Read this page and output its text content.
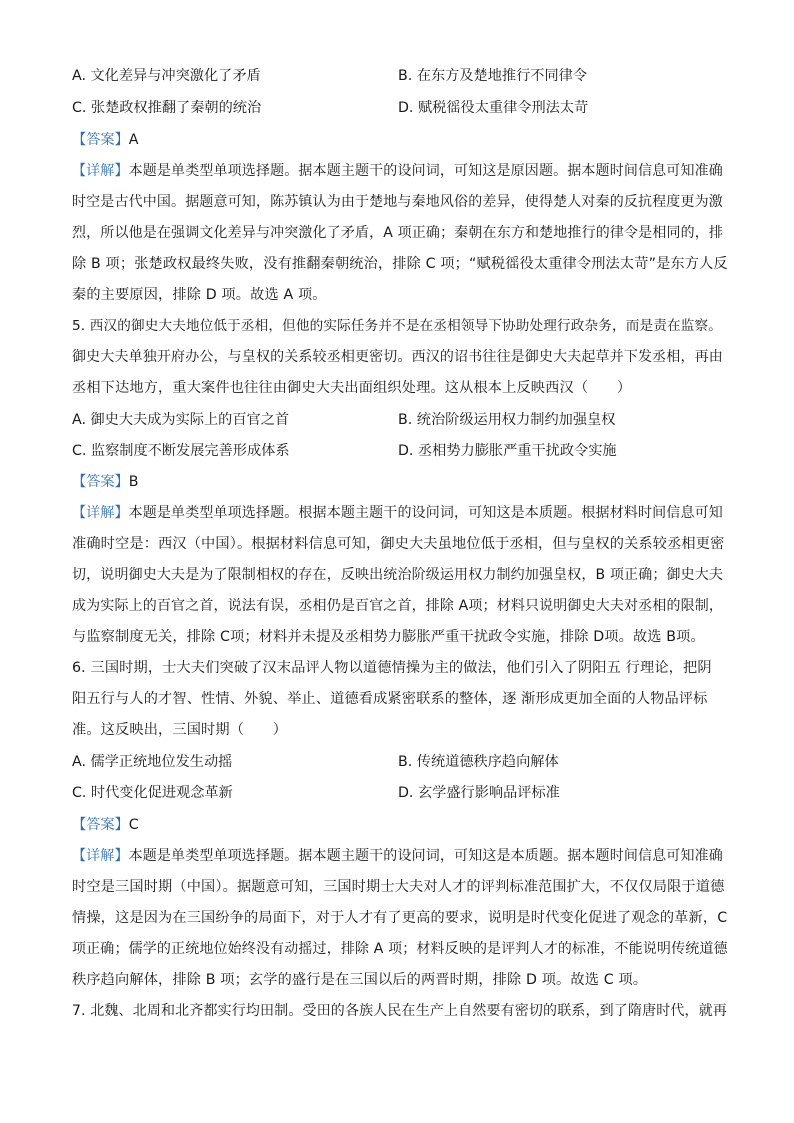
A. 文化差异与冲突激化了矛盾	B. 在东方及楚地推行不同律令
C. 张楚政权推翻了秦朝的统治	D. 赋税徭役太重律令刑法太苛
【答案】A
【详解】本题是单类型单项选择题。据本题主题干的设问词，可知这是原因题。据本题时间信息可知准确
时空是古代中国。据题意可知，陈苏镇认为由于楚地与秦地风俗的差异，使得楚人对秦的反抗程度更为激
烈，所以他是在强调文化差异与冲突激化了矛盾，A 项正确；秦朝在东方和楚地推行的律令是相同的，排
除 B 项；张楚政权最终失败，没有推翻秦朝统治，排除 C 项；“赋税徭役太重律令刑法太苛”是东方人反
秦的主要原因，排除 D 项。故选 A 项。
5. 西汉的御史大夫地位低于丞相，但他的实际任务并不是在丞相领导下协助处理行政杂务，而是责在监察。
御史大夫单独开府办公，与皇权的关系较丞相更密切。西汉的诏书往往是御史大夫起草并下发丞相，再由
丞相下达地方，重大案件也往往由御史大夫出面组织处理。这从根本上反映西汉（　　）
A. 御史大夫成为实际上的百官之首	B. 统治阶级运用权力制约加强皇权
C. 监察制度不断发展完善形成体系	D. 丞相势力膨胀严重干扰政令实施
【答案】B
【详解】本题是单类型单项选择题。根据本题主题干的设问词，可知这是本质题。根据材料时间信息可知
准确时空是：西汉（中国）。根据材料信息可知，御史大夫虽地位低于丞相，但与皇权的关系较丞相更密
切，说明御史大夫是为了限制相权的存在，反映出统治阶级运用权力制约加强皇权，B 项正确；御史大夫
成为实际上的百官之首，说法有误，丞相仍是百官之首，排除 A项；材料只说明御史大夫对丞相的限制，
与监察制度无关，排除 C项；材料并未提及丞相势力膨胀严重干扰政令实施，排除 D项。故选 B项。
6. 三国时期，士大夫们突破了汉末品评人物以道德情操为主的做法，他们引入了阴阳五 行理论，把阴
阳五行与人的才智、性情、外貌、举止、道德看成紧密联系的整体，逐 渐形成更加全面的人物品评标
准。这反映出，三国时期（　　）
A. 儒学正统地位发生动摇	B. 传统道德秩序趋向解体
C. 时代变化促进观念革新	D. 玄学盛行影响品评标准
【答案】C
【详解】本题是单类型单项选择题。据本题主题干的设问词，可知这是本质题。据本题时间信息可知准确
时空是三国时期（中国）。据题意可知，三国时期士大夫对人才的评判标准范围扩大，不仅仅局限于道德
情操，这是因为在三国纷争的局面下，对于人才有了更高的要求，说明是时代变化促进了观念的革新，C
项正确；儒学的正统地位始终没有动摇过，排除 A 项；材料反映的是评判人才的标准，不能说明传统道德
秩序趋向解体，排除 B 项；玄学的盛行是在三国以后的两晋时期，排除 D 项。故选 C 项。
7. 北魏、北周和北齐都实行均田制。受田的各族人民在生产上自然要有密切的联系，到了隋唐时代，就再
